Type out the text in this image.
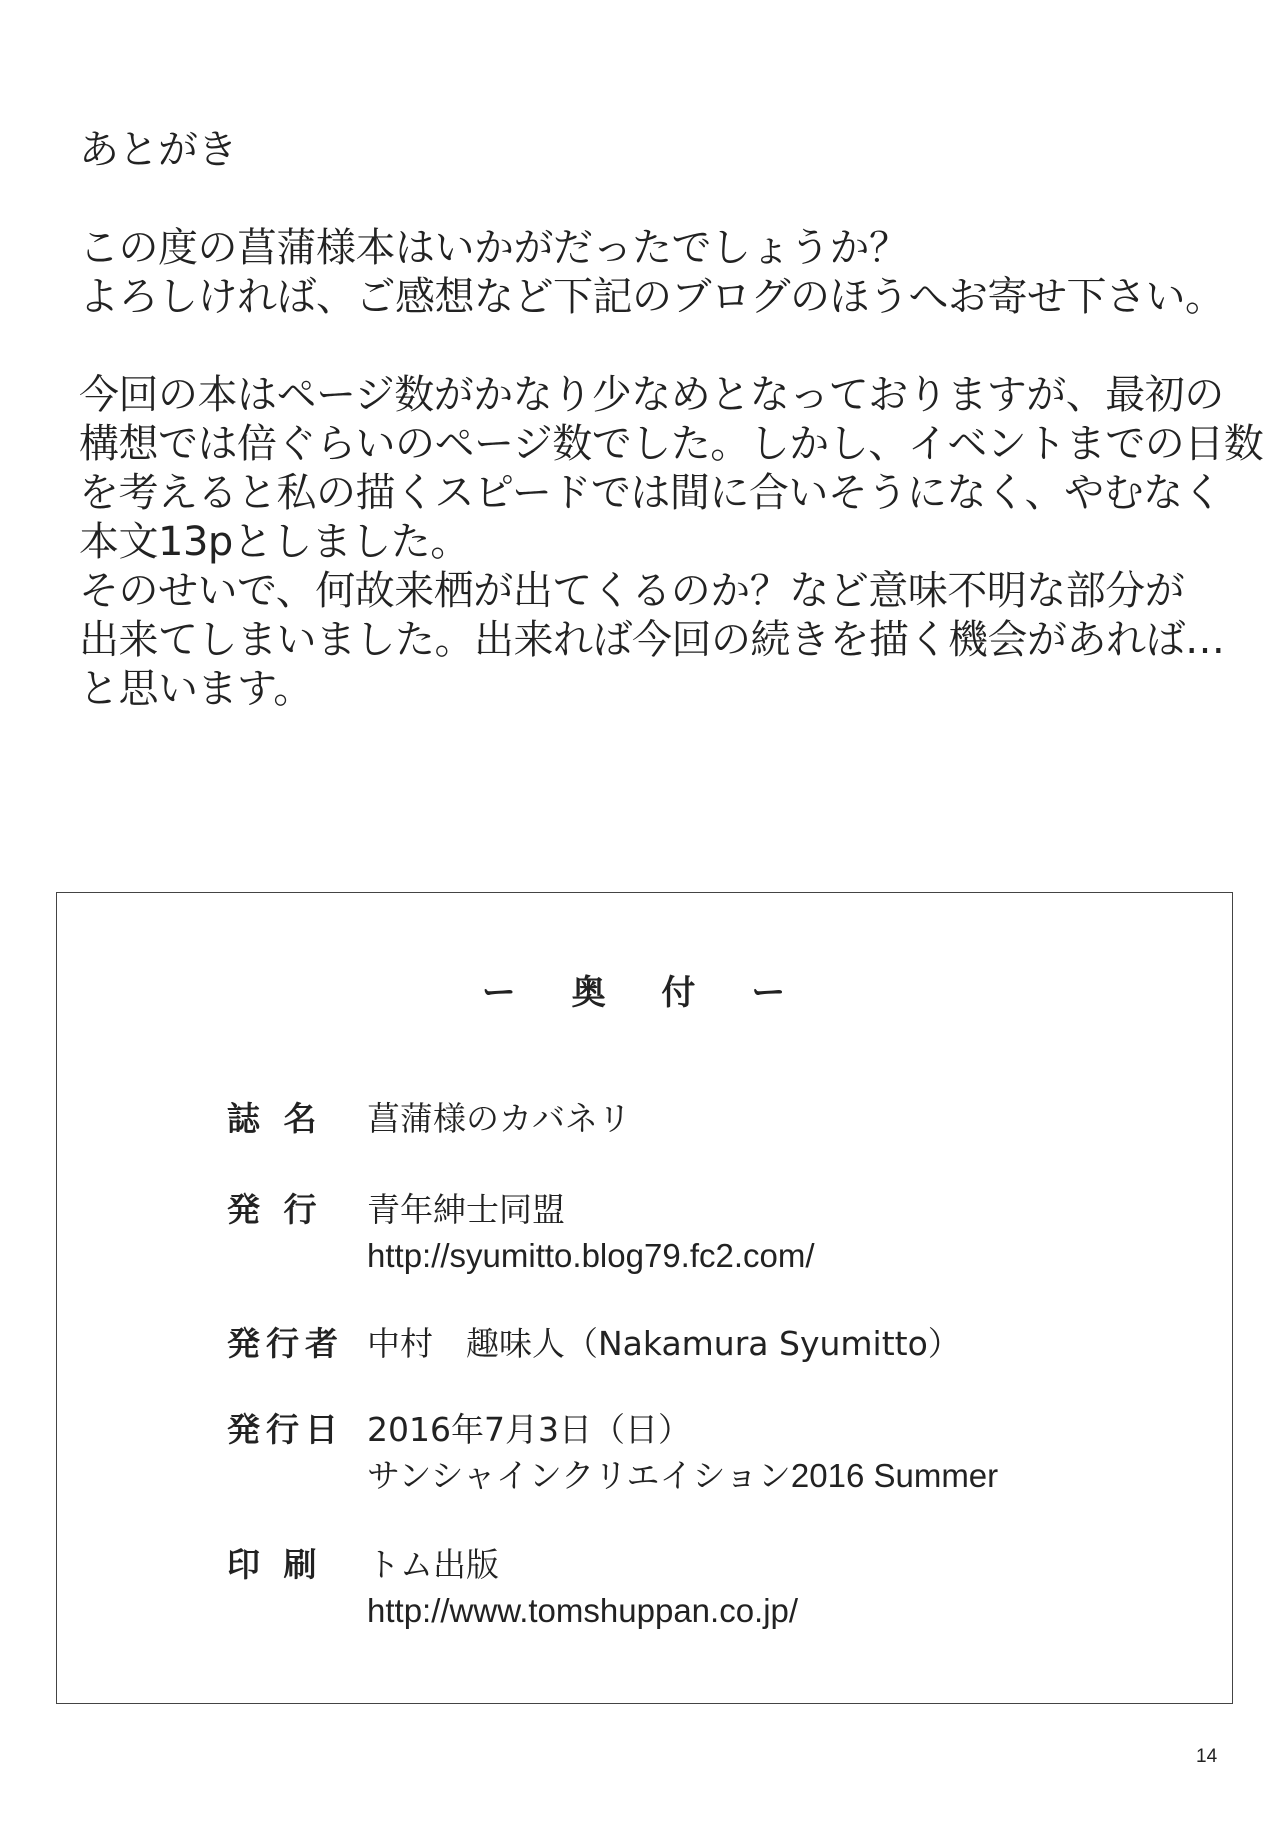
あとがき

この度の菖蒲様本はいかがだったでしょうか？

よろしければ、ご感想など下記のブログのほうへお寄せ下さい。

今回の本はページ数がかなり少なめとなっておりますが、最初の

構想では倍ぐらいのページ数でした。しかし、イベントまでの日数

を考えると私の描くスピードでは間に合いそうになく、やむなく

本文13pとしました。

そのせいで、何故来栖が出てくるのか？など意味不明な部分が

出来てしまいました。出来れば今回の続きを描く機会があれば…

と思います。

ー 奥 付 ー
誌 名 菖蒲様のカバネリ
発 行 青年紳士同盟
http://syumitto.blog79.fc2.com/
発行者 中村　趣味人（Nakamura Syumitto）
発行日 2016年7月3日（日）
サンシャインクリエイション2016 Summer
印 刷 トム出版
http://www.tomshuppan.co.jp/
14
